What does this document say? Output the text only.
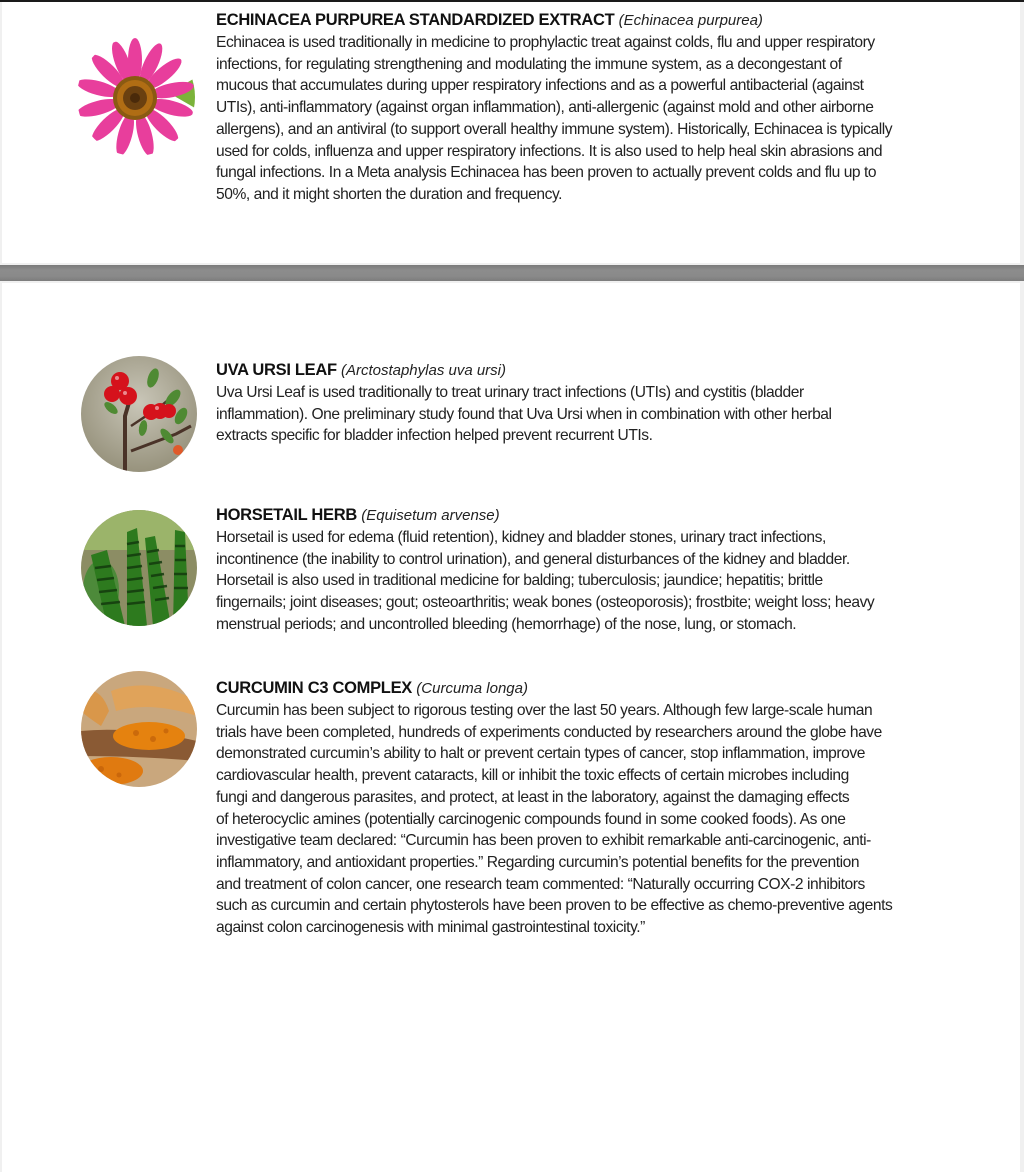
ECHINACEA PURPUREA STANDARDIZED EXTRACT (Echinacea purpurea)

Echinacea is used traditionally in medicine to prophylactic treat against colds, flu and upper respiratory
infections, for regulating strengthening and modulating the immune system, as a decongestant of
mucous that accumulates during upper respiratory infections and as a powerful antibacterial (against
UTIs), anti-inflammatory (against organ inflammation), anti-allergenic (against mold and other airborne
allergens), and an antiviral (to support overall healthy immune system). Historically, Echinacea is typically
used for colds, influenza and upper respiratory infections. It is also used to help heal skin abrasions and
fungal infections. In a Meta analysis Echinacea has been proven to actually prevent colds and flu up to
50%, and it might shorten the duration and frequency.

UVA URSI LEAF (Arctostaphylas uva ursi)

Uva Ursi Leaf is used traditionally to treat urinary tract infections (UTIs) and cystitis (bladder
inflammation). One preliminary study found that Uva Ursi when in combination with other herbal
extracts specific for bladder infection helped prevent recurrent UTIs.

HORSETAIL HERB (Equisetum arvense)

Horsetail is used for edema (fluid retention), kidney and bladder stones, urinary tract infections,
incontinence (the inability to control urination), and general disturbances of the kidney and bladder.
Horsetail is also used in traditional medicine for balding; tuberculosis; jaundice; hepatitis; brittle
fingernails; joint diseases; gout; osteoarthritis; weak bones (osteoporosis); frostbite; weight loss; heavy
menstrual periods; and uncontrolled bleeding (hemorrhage) of the nose, lung, or stomach.

CURCUMIN C3 COMPLEX (Curcuma longa)

Curcumin has been subject to rigorous testing over the last 50 years. Although few large-scale human
trials have been completed, hundreds of experiments conducted by researchers around the globe have
demonstrated curcumin’s ability to halt or prevent certain types of cancer, stop inflammation, improve
cardiovascular health, prevent cataracts, kill or inhibit the toxic effects of certain microbes including
fungi and dangerous parasites, and protect, at least in the laboratory, against the damaging effects
of heterocyclic amines (potentially carcinogenic compounds found in some cooked foods). As one
investigative team declared: “Curcumin has been proven to exhibit remarkable anti-carcinogenic, anti-
inflammatory, and antioxidant properties.” Regarding curcumin’s potential benefits for the prevention
and treatment of colon cancer, one research team commented: “Naturally occurring COX-2 inhibitors
such as curcumin and certain phytosterols have been proven to be effective as chemo-preventive agents
against colon carcinogenesis with minimal gastrointestinal toxicity.”
